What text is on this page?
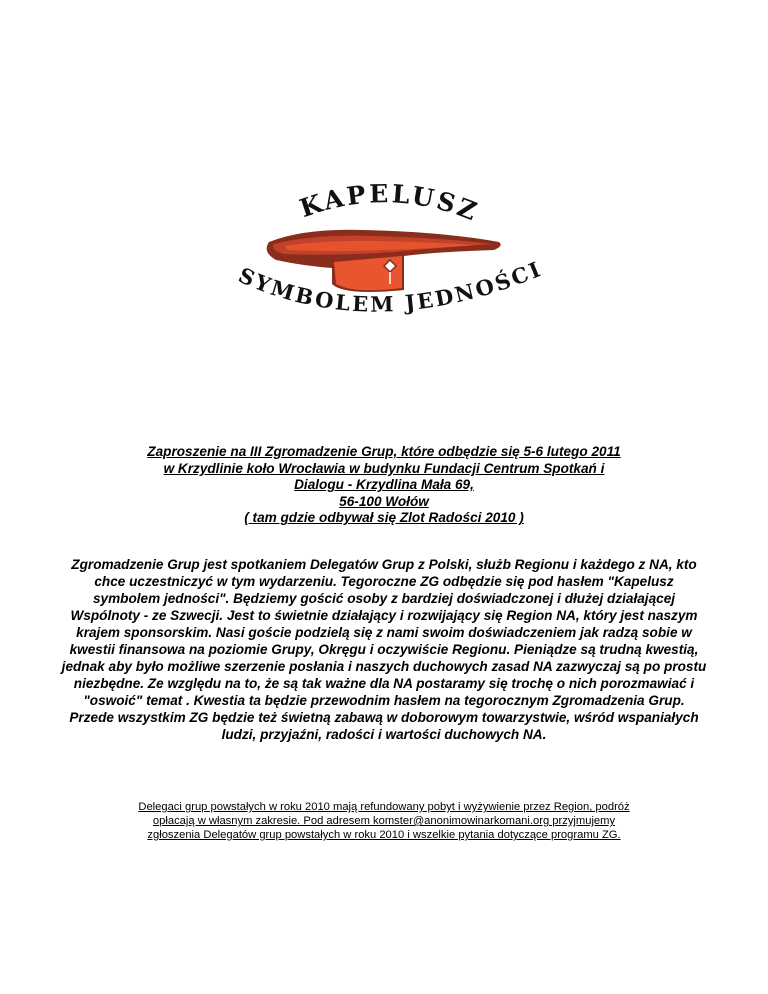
KAPELUSZ
SYMBOLEM JEDNOŚCI
Zaproszenie na III Zgromadzenie Grup, które odbędzie się 5-6 lutego 2011
w Krzydlinie koło Wrocławia w budynku Fundacji Centrum Spotkań i
Dialogu - Krzydlina Mała 69,
56-100 Wołów
( tam gdzie odbywał się Zlot Radości 2010 )

Zgromadzenie Grup jest spotkaniem Delegatów Grup z Polski, służb Regionu i każdego z NA, kto chce uczestniczyć w tym wydarzeniu. Tegoroczne ZG odbędzie się pod hasłem "Kapelusz symbolem jedności". Będziemy gościć osoby z bardziej doświadczonej i dłużej działającej Wspólnoty - ze Szwecji. Jest to świetnie działający i rozwijający się Region NA, który jest naszym krajem sponsorskim. Nasi goście podzielą się z nami swoim doświadczeniem jak radzą sobie w kwestii finansowa na poziomie Grupy, Okręgu i oczywiście Regionu. Pieniądze są trudną kwestią, jednak aby było możliwe szerzenie posłania i naszych duchowych zasad NA zazwyczaj są po prostu niezbędne. Ze względu na to, że są tak ważne dla NA postaramy się trochę o nich porozmawiać i "oswoić" temat . Kwestia ta będzie przewodnim hasłem na tegorocznym Zgromadzenia Grup.

Przede wszystkim ZG będzie też świetną zabawą w doborowym towarzystwie, wśród wspaniałych ludzi, przyjaźni, radości i wartości duchowych NA.

Delegaci grup powstałych w roku 2010 mają refundowany pobyt i wyżywienie przez Region, podróż
opłacają w własnym zakresie. Pod adresem komster@anonimowinarkomani.org przyjmujemy
zgłoszenia Delegatów grup powstałych w roku 2010 i wszelkie pytania dotyczące programu ZG.
